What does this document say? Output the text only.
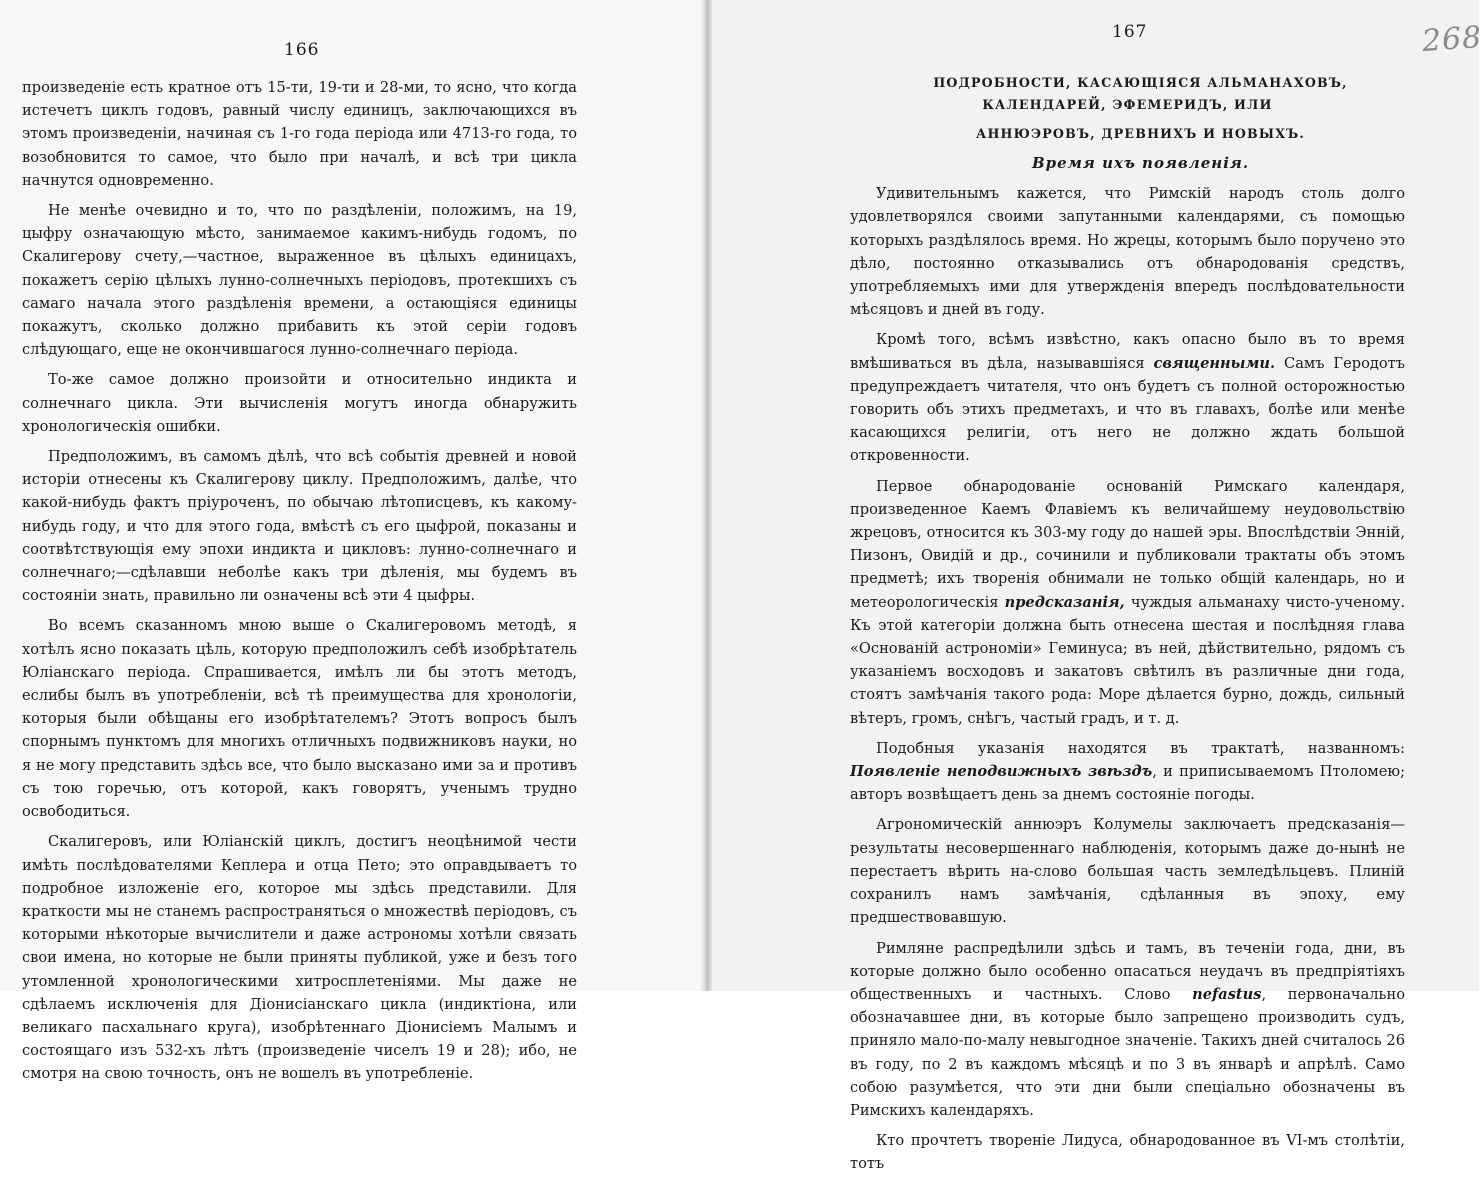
166

произведеніе есть кратное отъ 15-ти, 19-ти и 28-ми, то ясно, что когда истечетъ циклъ годовъ, равный числу единицъ, заключающихся въ этомъ произведеніи, начиная съ 1-го года періода или 4713-го года, то возобновится то самое, что было при началѣ, и всѣ три цикла начнутся одновременно.

Не менѣе очевидно и то, что по раздѣленіи, положимъ, на 19, цыфру означающую мѣсто, занимаемое какимъ-нибудь годомъ, по Скалигерову счету,—частное, выраженное въ цѣлыхъ единицахъ, покажетъ серію цѣлыхъ лунно-солнечныхъ періодовъ, протекшихъ съ самаго начала этого раздѣленія времени, а остающіяся единицы покажутъ, сколько должно прибавить къ этой серіи годовъ слѣдующаго, еще не окончившагося лунно-солнечнаго періода.

То-же самое должно произойти и относительно индикта и солнечнаго цикла. Эти вычисленія могутъ иногда обнаружить хронологическія ошибки.

Предположимъ, въ самомъ дѣлѣ, что всѣ событія древней и новой исторіи отнесены къ Скалигерову циклу. Предположимъ, далѣе, что какой-нибудь фактъ пріуроченъ, по обычаю лѣтописцевъ, къ какому-нибудь году, и что для этого года, вмѣстѣ съ его цыфрой, показаны и соотвѣтствующія ему эпохи индикта и цикловъ: лунно-солнечнаго и солнечнаго;—сдѣлавши неболѣе какъ три дѣленія, мы будемъ въ состояніи знать, правильно ли означены всѣ эти 4 цыфры.

Во всемъ сказанномъ мною выше о Скалигеровомъ методѣ, я хотѣлъ ясно показать цѣль, которую предположилъ себѣ изобрѣтатель Юліанскаго періода. Спрашивается, имѣлъ ли бы этотъ методъ, еслибы былъ въ употребленіи, всѣ тѣ преимущества для хронологіи, которыя были обѣщаны его изобрѣтателемъ? Этотъ вопросъ былъ спорнымъ пунктомъ для многихъ отличныхъ подвижниковъ науки, но я не могу представить здѣсь все, что было высказано ими за и противъ съ тою горечью, отъ которой, какъ говорятъ, ученымъ трудно освободиться.

Скалигеровъ, или Юліанскій циклъ, достигъ неоцѣнимой чести имѣть послѣдователями Кеплера и отца Пето; это оправдываетъ то подробное изложеніе его, которое мы здѣсь представили. Для краткости мы не станемъ распространяться о множествѣ періодовъ, съ которыми нѣкоторые вычислители и даже астрономы хотѣли связать свои имена, но которые не были приняты публикой, уже и безъ того утомленной хронологическими хитросплетеніями. Мы даже не сдѣлаемъ исключенія для Діонисіанскаго цикла (индиктіона, или великаго пасхальнаго круга), изобрѣтеннаго Діонисіемъ Малымъ и состоящаго изъ 532-хъ лѣтъ (произведеніе чиселъ 19 и 28); ибо, не смотря на свою точность, онъ не вошелъ въ употребленіе.

167	268

ПОДРОБНОСТИ, КАСАЮЩІЯСЯ АЛЬМАНАХОВЪ, КАЛЕНДАРЕЙ, ЭФЕМЕРИДЪ, ИЛИ

АННЮЭРОВЪ, ДРЕВНИХЪ И НОВЫХЪ.

Время ихъ появленія.

Удивительнымъ кажется, что Римскій народъ столь долго удовлетворялся своими запутанными календарями, съ помощью которыхъ раздѣлялось время. Но жрецы, которымъ было поручено это дѣло, постоянно отказывались отъ обнародованія средствъ, употребляемыхъ ими для утвержденія впередъ послѣдовательности мѣсяцовъ и дней въ году.

Кромѣ того, всѣмъ извѣстно, какъ опасно было въ то время вмѣшиваться въ дѣла, называвшіяся священными. Самъ Геродотъ предупреждаетъ читателя, что онъ будетъ съ полной осторожностью говорить объ этихъ предметахъ, и что въ главахъ, болѣе или менѣе касающихся религіи, отъ него не должно ждать большой откровенности.

Первое обнародованіе основаній Римскаго календаря, произведенное Каемъ Флавіемъ къ величайшему неудовольствію жрецовъ, относится къ 303-му году до нашей эры. Впослѣдствіи Энній, Пизонъ, Овидій и др., сочинили и публиковали трактаты объ этомъ предметѣ; ихъ творенія обнимали не только общій календарь, но и метеорологическія предсказанія, чуждыя альманаху чисто-ученому. Къ этой категоріи должна быть отнесена шестая и послѣдняя глава «Основаній астрономіи» Геминуса; въ ней, дѣйствительно, рядомъ съ указаніемъ восходовъ и закатовъ свѣтилъ въ различные дни года, стоятъ замѣчанія такого рода: Море дѣлается бурно, дождь, сильный вѣтеръ, громъ, снѣгъ, частый градъ, и т. д.

Подобныя указанія находятся въ трактатѣ, названномъ: Появленіе неподвижныхъ звѣздъ, и приписываемомъ Птоломею; авторъ возвѣщаетъ день за днемъ состояніе погоды.

Агрономическій аннюэръ Колумелы заключаетъ предсказанія—результаты несовершеннаго наблюденія, которымъ даже до-нынѣ не перестаетъ вѣрить на-слово большая часть земледѣльцевъ. Плиній сохранилъ намъ замѣчанія, сдѣланныя въ эпоху, ему предшествовавшую.

Римляне распредѣлили здѣсь и тамъ, въ теченіи года, дни, въ которые должно было особенно опасаться неудачъ въ предпріятіяхъ общественныхъ и частныхъ. Слово nefastus, первоначально обозначавшее дни, въ которые было запрещено производить судъ, приняло мало-по-малу невыгодное значеніе. Такихъ дней считалось 26 въ году, по 2 въ каждомъ мѣсяцѣ и по 3 въ январѣ и апрѣлѣ. Само собою разумѣется, что эти дни были спеціально обозначены въ Римскихъ календаряхъ.

Кто прочтетъ твореніе Лидуса, обнародованное въ VI-мъ столѣтіи, тотъ
